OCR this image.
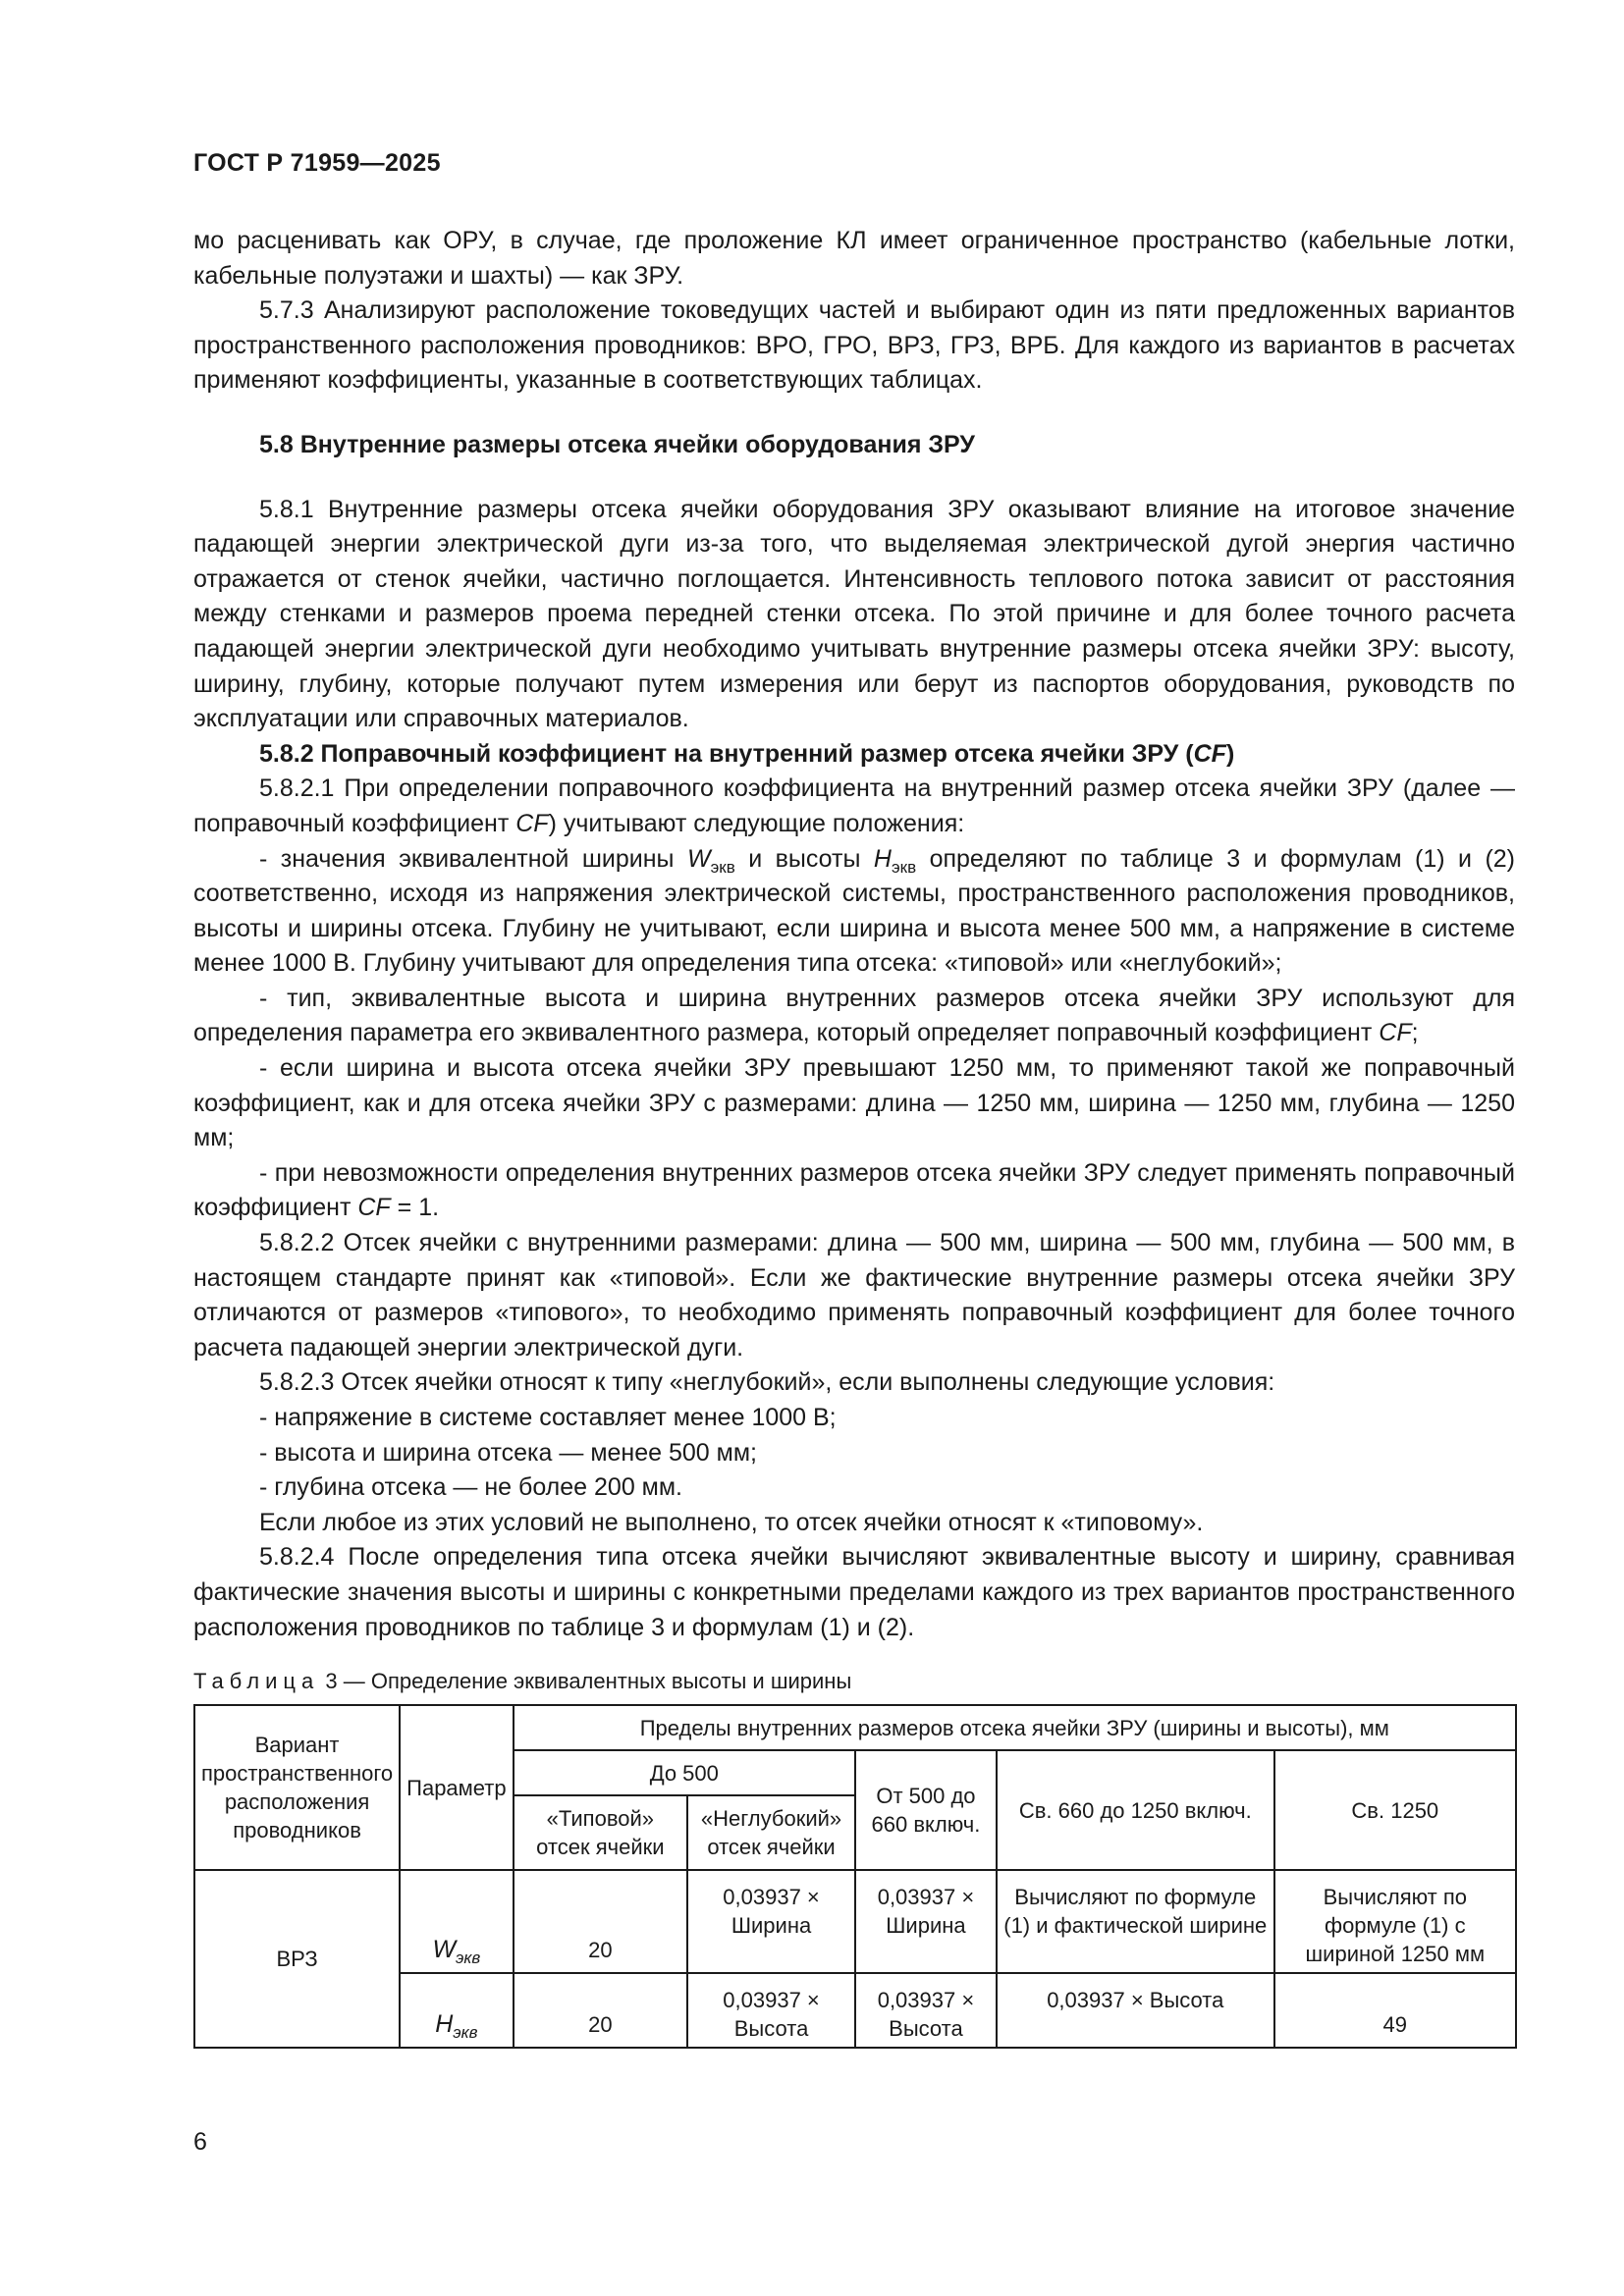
ГОСТ Р 71959—2025

мо расценивать как ОРУ, в случае, где проложение КЛ имеет ограниченное пространство (кабельные лотки, кабельные полуэтажи и шахты) — как ЗРУ.

5.7.3 Анализируют расположение токоведущих частей и выбирают один из пяти предложенных вариантов пространственного расположения проводников: ВРО, ГРО, ВРЗ, ГРЗ, ВРБ. Для каждого из вариантов в расчетах применяют коэффициенты, указанные в соответствующих таблицах.

5.8 Внутренние размеры отсека ячейки оборудования ЗРУ

5.8.1 Внутренние размеры отсека ячейки оборудования ЗРУ оказывают влияние на итоговое значение падающей энергии электрической дуги из-за того, что выделяемая электрической дугой энергия частично отражается от стенок ячейки, частично поглощается. Интенсивность теплового потока зависит от расстояния между стенками и размеров проема передней стенки отсека. По этой причине и для более точного расчета падающей энергии электрической дуги необходимо учитывать внутренние размеры отсека ячейки ЗРУ: высоту, ширину, глубину, которые получают путем измерения или берут из паспортов оборудования, руководств по эксплуатации или справочных материалов.

5.8.2 Поправочный коэффициент на внутренний размер отсека ячейки ЗРУ (CF)

5.8.2.1 При определении поправочного коэффициента на внутренний размер отсека ячейки ЗРУ (далее — поправочный коэффициент CF) учитывают следующие положения:

- значения эквивалентной ширины $W_{экв}$ и высоты $H_{экв}$ определяют по таблице 3 и формулам (1) и (2) соответственно, исходя из напряжения электрической системы, пространственного расположения проводников, высоты и ширины отсека. Глубину не учитывают, если ширина и высота менее 500 мм, а напряжение в системе менее 1000 В. Глубину учитывают для определения типа отсека: «типовой» или «неглубокий»;

- тип, эквивалентные высота и ширина внутренних размеров отсека ячейки ЗРУ используют для определения параметра его эквивалентного размера, который определяет поправочный коэффициент CF;

- если ширина и высота отсека ячейки ЗРУ превышают 1250 мм, то применяют такой же поправочный коэффициент, как и для отсека ячейки ЗРУ с размерами: длина — 1250 мм, ширина — 1250 мм, глубина — 1250 мм;

- при невозможности определения внутренних размеров отсека ячейки ЗРУ следует применять поправочный коэффициент CF = 1.

5.8.2.2 Отсек ячейки с внутренними размерами: длина — 500 мм, ширина — 500 мм, глубина — 500 мм, в настоящем стандарте принят как «типовой». Если же фактические внутренние размеры отсека ячейки ЗРУ отличаются от размеров «типового», то необходимо применять поправочный коэффициент для более точного расчета падающей энергии электрической дуги.

5.8.2.3 Отсек ячейки относят к типу «неглубокий», если выполнены следующие условия:

- напряжение в системе составляет менее 1000 В;

- высота и ширина отсека — менее 500 мм;

- глубина отсека — не более 200 мм.

Если любое из этих условий не выполнено, то отсек ячейки относят к «типовому».

5.8.2.4 После определения типа отсека ячейки вычисляют эквивалентные высоту и ширину, сравнивая фактические значения высоты и ширины с конкретными пределами каждого из трех вариантов пространственного расположения проводников по таблице 3 и формулам (1) и (2).

Таблица 3 — Определение эквивалентных высоты и ширины
Вариант пространственного расположения проводников	Параметр	Пределы внутренних размеров отсека ячейки ЗРУ (ширины и высоты), мм				
		До 500		От 500 до 660 включ.	Св. 660 до 1250 включ.	Св. 1250
		«Типовой» отсек ячейки	«Неглубокий» отсек ячейки			
ВРЗ	$W_{экв}$	20	0,03937 × Ширина	0,03937 × Ширина	Вычисляют по формуле (1) и фактической ширине	Вычисляют по формуле (1) с шириной 1250 мм
	$H_{экв}$	20	0,03937 × Высота	0,03937 × Высота	0,03937 × Высота	49
6
